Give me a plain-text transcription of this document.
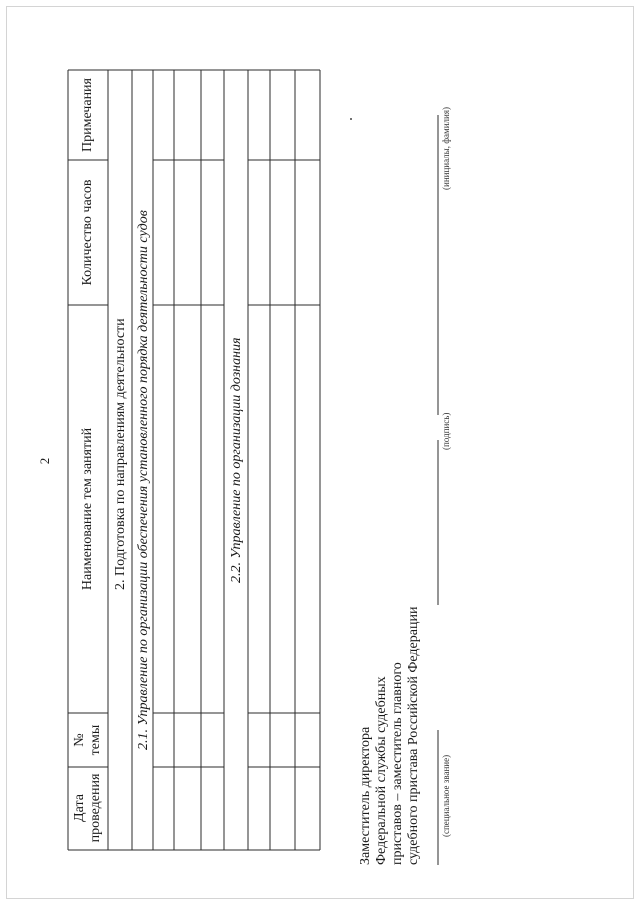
2
Дата проведения
№ темы
Наименование тем занятий
Количество часов
Примечания
2. Подготовка по направлениям деятельности 2.1. Управление по организации обеспечения установленного порядка деятельности судов	2.2. Управление по организации дознания
Заместитель директора Федеральной службы судебных приставов – заместитель главного судебного пристава Российской Федерации (специальное звание)
(подпись)
(инициалы, фамилия)
